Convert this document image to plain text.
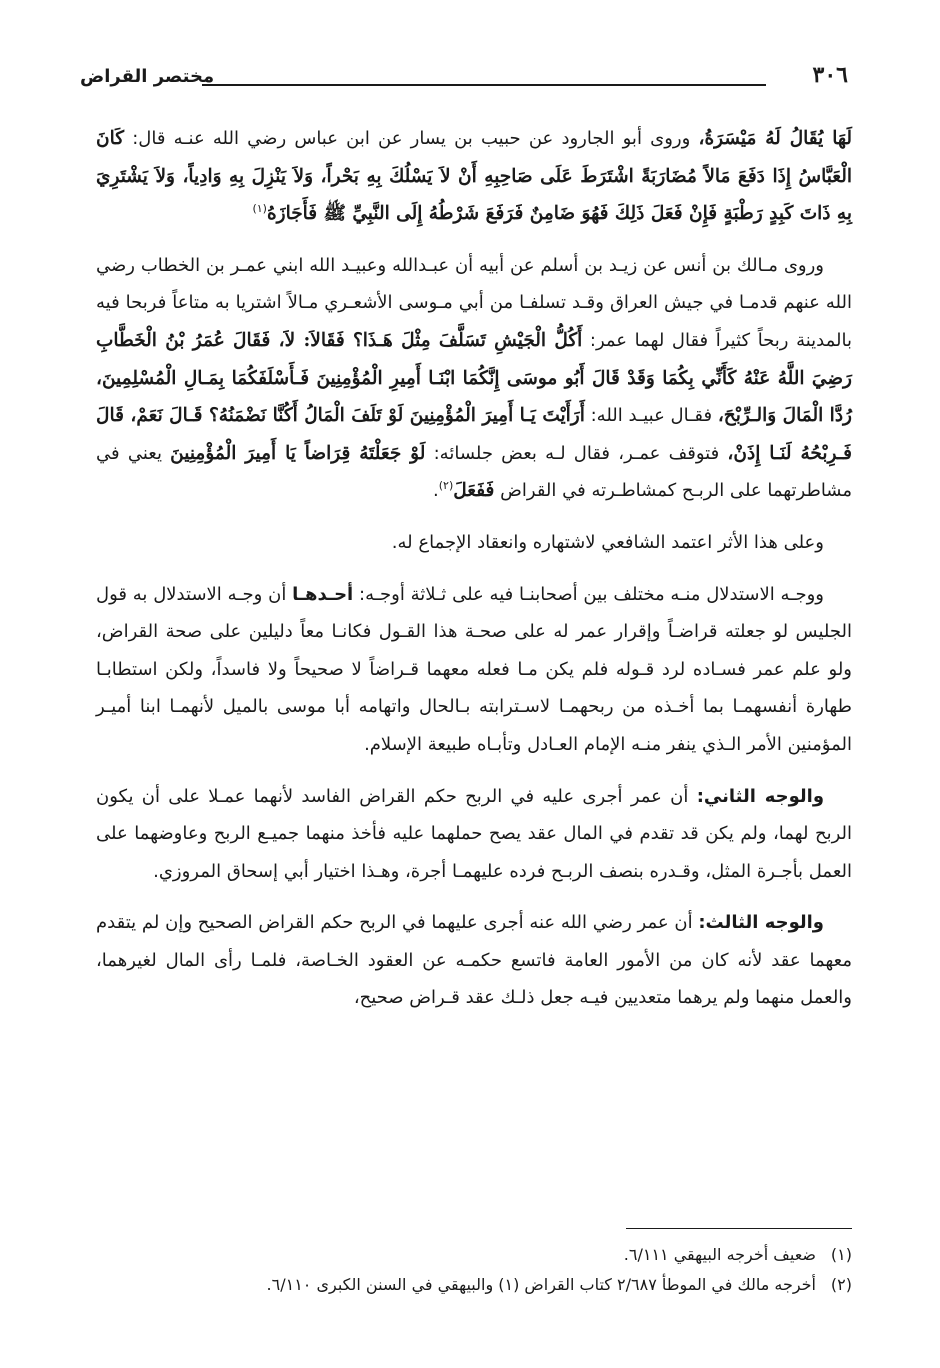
٣٠٦
مختصر القراض

لَهَا يُقَالُ لَهُ مَيْسَرَةُ، وروى أبو الجارود عن حبيب بن يسار عن ابن عباس رضي الله عنـه قال: كَانَ الْعَبَّاسُ إِذَا دَفَعَ مَالاً مُضَارَبَةً اشْتَرَطَ عَلَى صَاحِبِهِ أَنْ لاَ يَسْلُكَ بِهِ بَحْراً، وَلاَ يَنْزِلَ بِهِ وَادِياً، وَلاَ يَشْتَرِيَ بِهِ ذَاتَ كَبِدٍ رَطْبَةٍ فَإِنْ فَعَلَ ذَلِكَ فَهُوَ ضَامِنٌ فَرَفَعَ شَرْطُهُ إِلَى النَّبِيِّ ﷺ فَأَجَازَهُ$^{(١)}$

وروى مـالك بن أنس عن زيـد بن أسلم عن أبيه أن عبـدالله وعبيـد الله ابني عمـر بن الخطاب رضي الله عنهم قدمـا في جيش العراق وقـد تسلفـا من أبي مـوسى الأشعـري مـالاً اشتريا به متاعاً فربحا فيه بالمدينة ربحاً كثيراً فقال لهما عمر: أَكُلُّ الْجَيْشِ تَسَلَّفَ مِثْلَ هَـذَا؟ فَقَالاَ: لاَ، فَقَالَ عُمَرُ بْنُ الْخَطَّابِ رَضِيَ اللَّهُ عَنْهُ كَأَنِّي بِكُمَا وَقَدْ قَالَ أَبُو موسَى إِنَّكُمَا ابْنَـا أَمِيرِ الْمُؤْمِنِينَ فَـأَسْلَفَكُمَا بِمَـالِ الْمُسْلِمِينَ، رُدَّا الْمَالَ وَالـرِّبْحَ، فقـال عبيـد الله: أَرَأَيْتَ يَـا أَمِيرَ الْمُؤْمِنِينَ لَوْ تَلَفَ الْمَالُ أَكُنَّا نَضْمَنُهُ؟ قَـالَ نَعَمْ، قَالَ فَـرِبْحُهُ لَنَـا إِذَنْ، فتوقف عمـر، فقال لـه بعض جلسائه: لَوْ جَعَلْتَهُ قِرَاضاً يَا أَمِيرَ الْمُؤْمِنِينَ يعني في مشاطرتهما على الربـح كمشاطـرته في القراض فَفَعَلَ$^{(٢)}$.

وعلى هذا الأثر اعتمد الشافعي لاشتهاره وانعقاد الإجماع له.

ووجـه الاستدلال منـه مختلف بين أصحابنـا فيه على ثـلاثة أوجـه: أحـدهـا أن وجـه الاستدلال به قول الجليس لو جعلته قراضـاً وإقرار عمر له على صحـة هذا القـول فكانـا معاً دليلين على صحة القراض، ولو علم عمر فسـاده لرد قـوله فلم يكن مـا فعله معهما قـراضاً لا صحيحاً ولا فاسداً، ولكن استطابـا طهارة أنفسهمـا بما أخـذه من ربحهمـا لاسـترابته بـالحال واتهامه أبا موسى بالميل لأنهمـا ابنا أميـر المؤمنين الأمر الـذي ينفر منـه الإمام العـادل وتأبـاه طبيعة الإسلام.

والوجه الثاني: أن عمر أجرى عليه في الربح حكم القراض الفاسد لأنهما عمـلا على أن يكون الربح لهما، ولم يكن قد تقدم في المال عقد يصح حملهما عليه فأخذ منهما جميـع الربح وعاوضهما على العمل بأجـرة المثل، وقـدره بنصف الربـح فرده عليهمـا أجرة، وهـذا اختيار أبي إسحاق المروزي.

والوجه الثالث: أن عمر رضي الله عنه أجرى عليهما في الربح حكم القراض الصحيح وإن لم يتقدم معهما عقد لأنه كان من الأمور العامة فاتسع حكمـه عن العقود الخـاصة، فلمـا رأى المال لغيرهما، والعمل منهما ولم يرهما متعديين فيـه جعل ذلـك عقد قـراض صحيح،

(١)
ضعيف أخرجه البيهقي ٦/١١١.
(٢)
أخرجه مالك في الموطأ ٢/٦٨٧ كتاب القراض (١) والبيهقي في السنن الكبرى ٦/١١٠.
